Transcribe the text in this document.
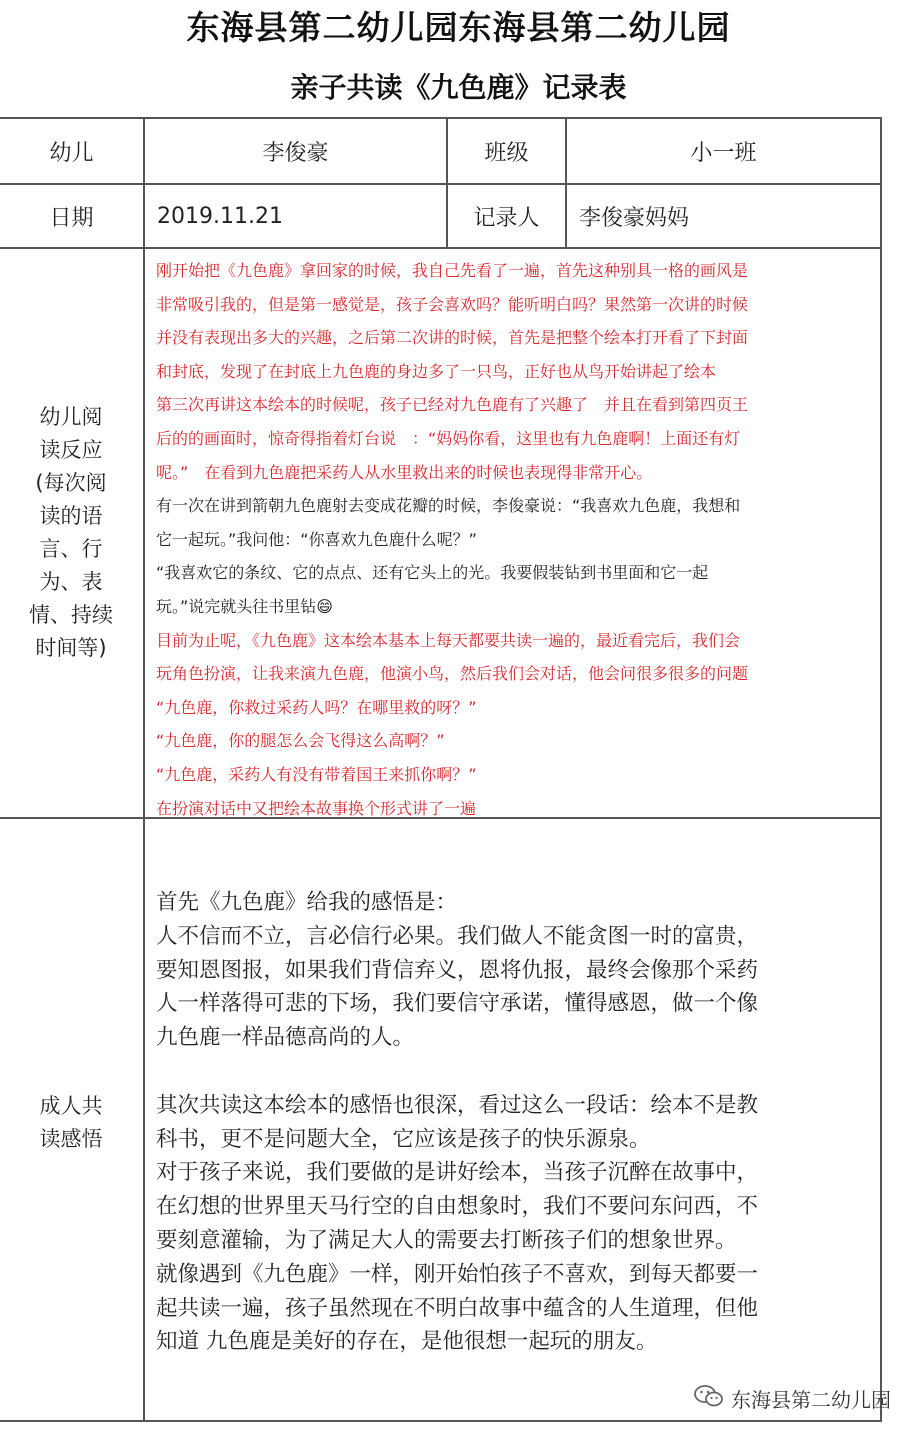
东海县第二幼儿园东海县第二幼儿园
亲子共读《九色鹿》记录表
幼儿	李俊豪	班级	小一班
日期	2019.11.21	记录人	李俊豪妈妈
幼儿阅
读反应
(每次阅
读的语
言、行
为、表
情、持续
时间等)

刚开始把《九色鹿》拿回家的时候，我自己先看了一遍，首先这种别具一格的画风是

非常吸引我的，但是第一感觉是，孩子会喜欢吗？能听明白吗？果然第一次讲的时候

并没有表现出多大的兴趣，之后第二次讲的时候，首先是把整个绘本打开看了下封面

和封底，发现了在封底上九色鹿的身边多了一只鸟，正好也从鸟开始讲起了绘本

第三次再讲这本绘本的时候呢，孩子已经对九色鹿有了兴趣了　并且在看到第四页王

后的的画面时，惊奇得指着灯台说　：“妈妈你看，这里也有九色鹿啊！上面还有灯

呢。”　在看到九色鹿把采药人从水里救出来的时候也表现得非常开心。

有一次在讲到箭朝九色鹿射去变成花瓣的时候，李俊豪说：“我喜欢九色鹿，我想和

它一起玩。”我问他：“你喜欢九色鹿什么呢？”

“我喜欢它的条纹、它的点点、还有它头上的光。我要假装钻到书里面和它一起

玩。”说完就头往书里钻😄

目前为止呢，《九色鹿》这本绘本基本上每天都要共读一遍的，最近看完后，我们会

玩角色扮演，让我来演九色鹿，他演小鸟，然后我们会对话，他会问很多很多的问题

“九色鹿，你救过采药人吗？在哪里救的呀？”

“九色鹿，你的腿怎么会飞得这么高啊？”

“九色鹿，采药人有没有带着国王来抓你啊？”

在扮演对话中又把绘本故事换个形式讲了一遍

成人共
读感悟

首先《九色鹿》给我的感悟是：

人不信而不立，言必信行必果。我们做人不能贪图一时的富贵，

要知恩图报，如果我们背信弃义，恩将仇报，最终会像那个采药

人一样落得可悲的下场，我们要信守承诺，懂得感恩，做一个像

九色鹿一样品德高尚的人。

其次共读这本绘本的感悟也很深，看过这么一段话：绘本不是教

科书，更不是问题大全，它应该是孩子的快乐源泉。

对于孩子来说，我们要做的是讲好绘本，当孩子沉醉在故事中，

在幻想的世界里天马行空的自由想象时，我们不要问东问西，不

要刻意灌输，为了满足大人的需要去打断孩子们的想象世界。

就像遇到《九色鹿》一样，刚开始怕孩子不喜欢，到每天都要一

起共读一遍，孩子虽然现在不明白故事中蕴含的人生道理，但他

知道 九色鹿是美好的存在，是他很想一起玩的朋友。

东海县第二幼儿园
